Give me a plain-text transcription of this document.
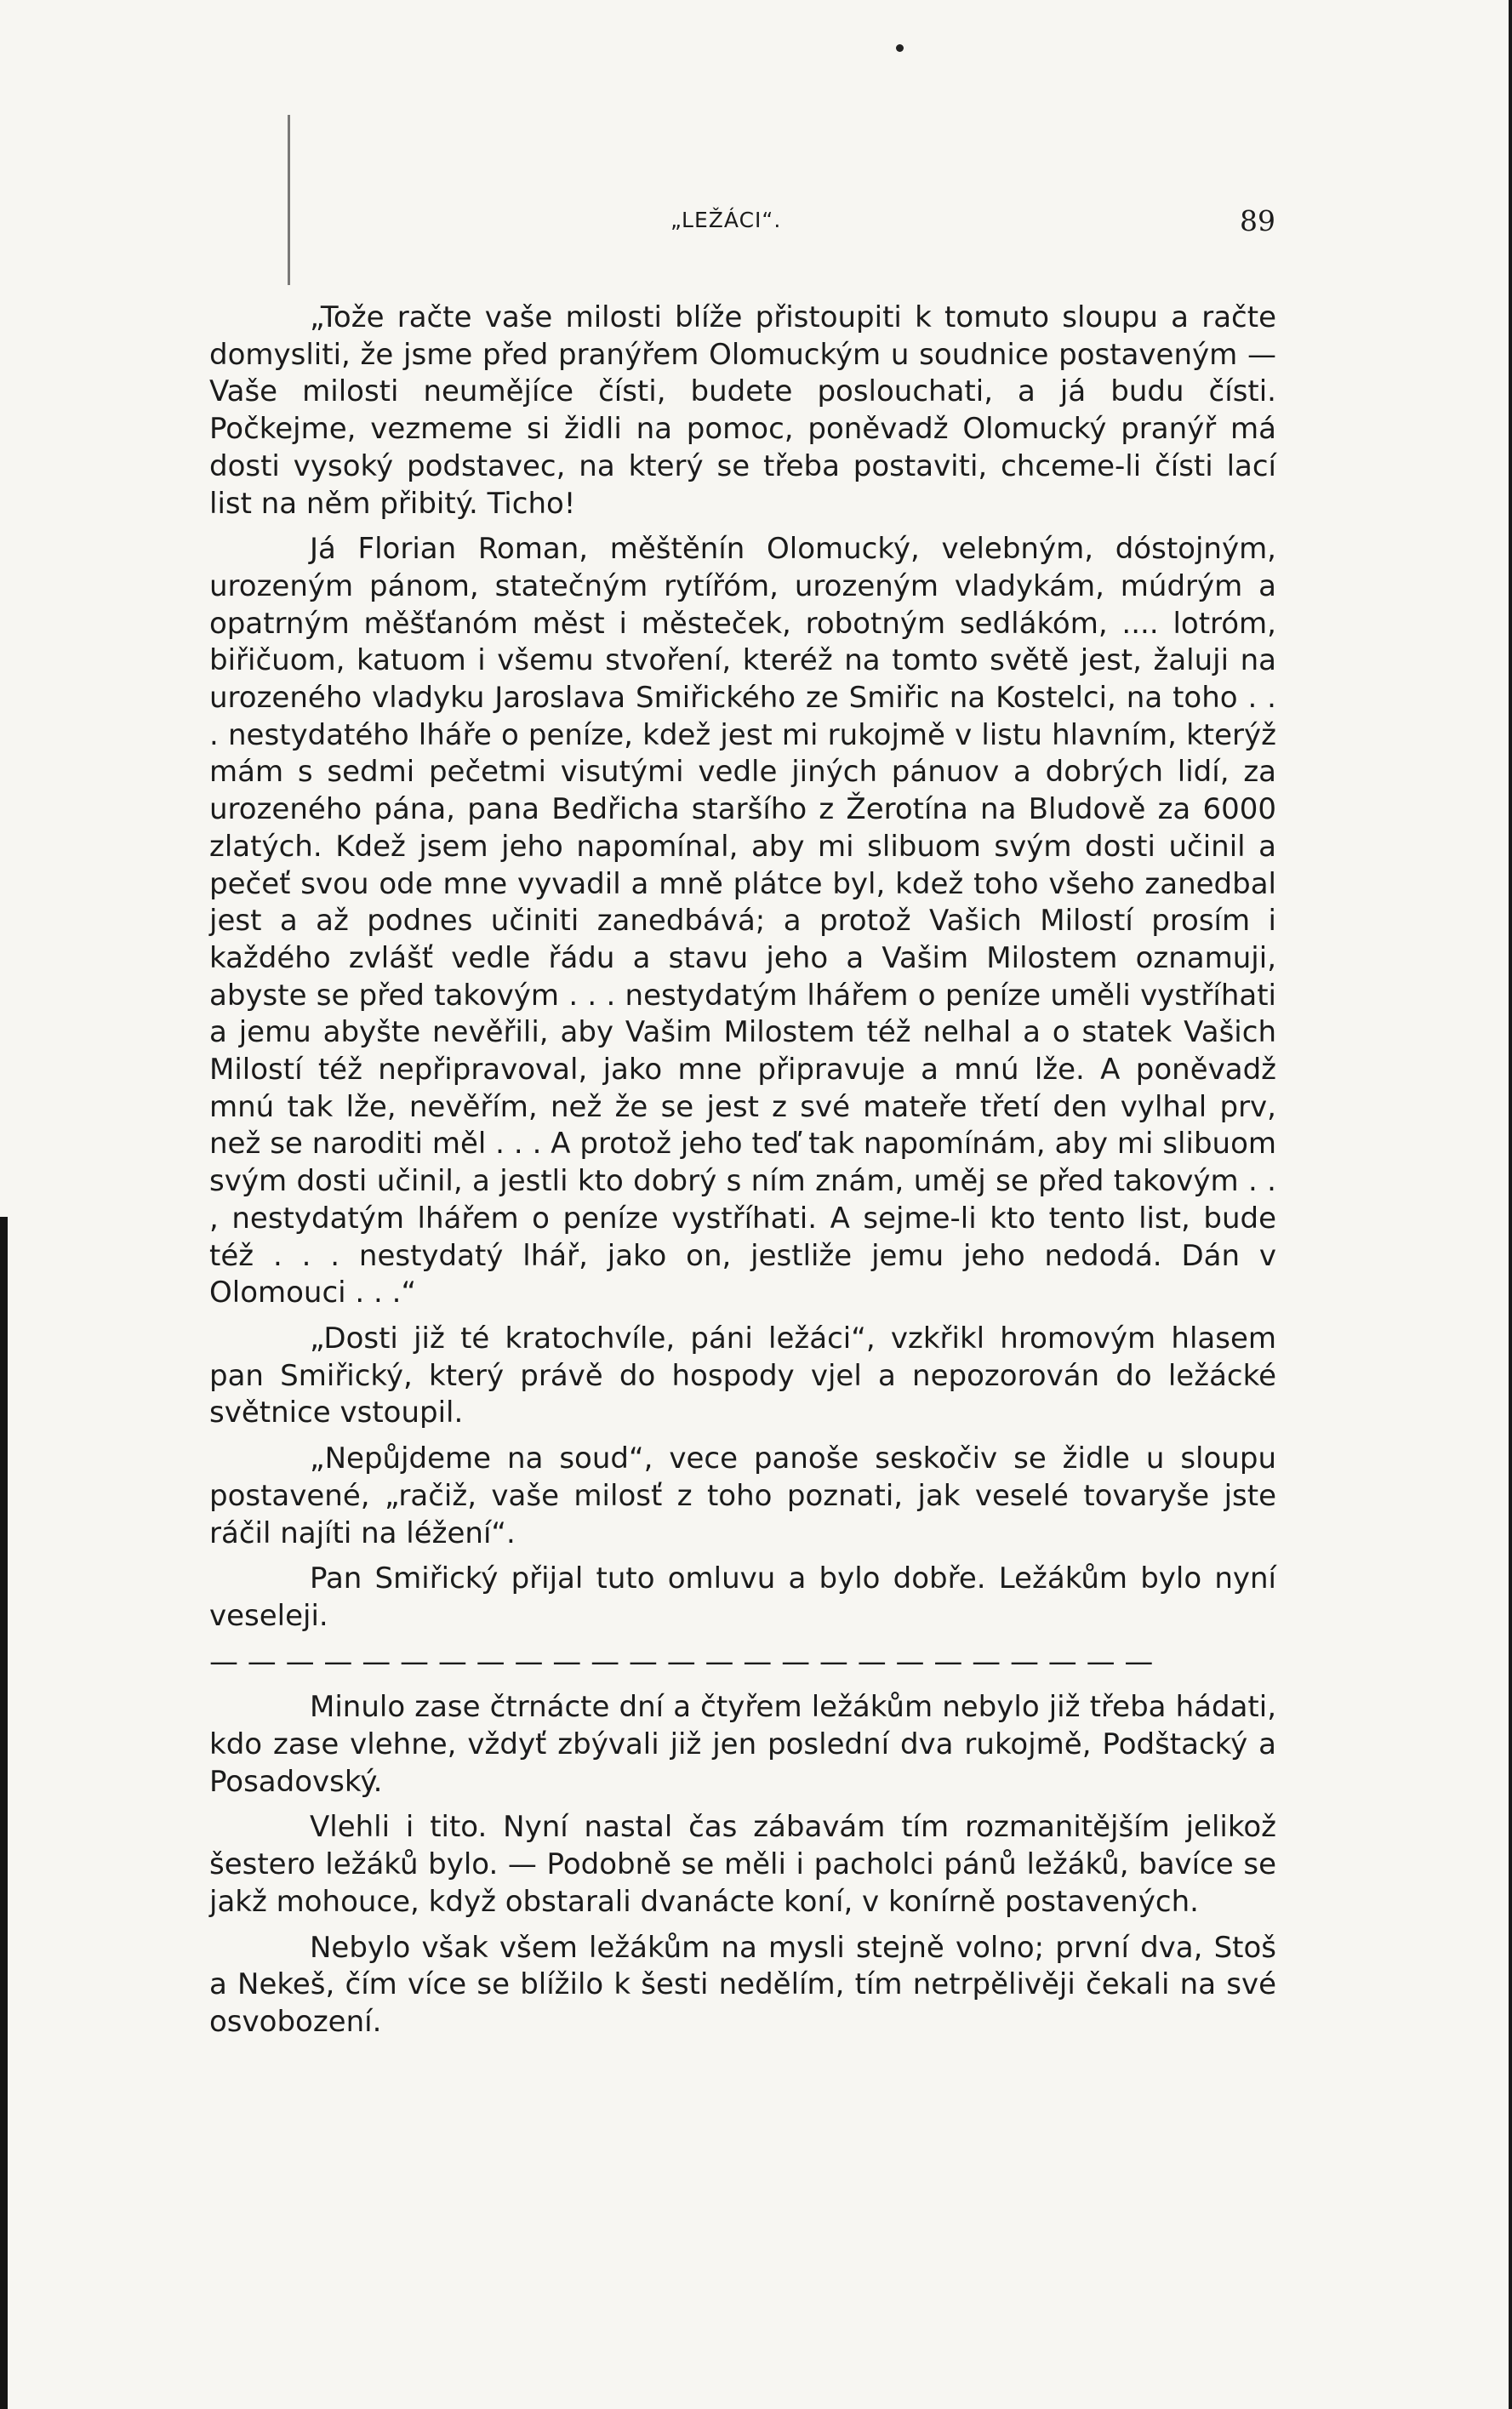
„LEŽÁCI“.	89

„Tože račte vaše milosti blíže přistoupiti k tomuto sloupu a račte domysliti, že jsme před pranýřem Olomuckým u soudnice postaveným — Vaše milosti neumějíce čísti, budete poslouchati, a já budu čísti. Počkejme, vezmeme si židli na pomoc, poněvadž Olomucký pranýř má dosti vysoký podstavec, na který se třeba postaviti, chceme-li čísti lací list na něm přibitý. Ticho!

Já Florian Roman, měštěnín Olomucký, velebným, dóstojným, urozeným pánom, statečným rytířóm, urozeným vladykám, múdrým a opatrným měšťanóm měst i městeček, robotným sedlákóm, .... lotróm, biřičuom, katuom i všemu stvoření, kteréž na tomto světě jest, žaluji na urozeného vladyku Jaroslava Smiřického ze Smiřic na Kostelci, na toho . . . nestydatého lháře o peníze, kdež jest mi rukojmě v listu hlavním, kterýž mám s sedmi pečetmi visutými vedle jiných pánuov a dobrých lidí, za urozeného pána, pana Bedřicha staršího z Žerotína na Bludově za 6000 zlatých. Kdež jsem jeho napomínal, aby mi slibuom svým dosti učinil a pečeť svou ode mne vyvadil a mně plátce byl, kdež toho všeho zanedbal jest a až podnes učiniti zanedbává; a protož Vašich Milostí prosím i každého zvlášť vedle řádu a stavu jeho a Vašim Milostem oznamuji, abyste se před takovým . . . nestydatým lhářem o peníze uměli vystříhati a jemu abyšte nevěřili, aby Vašim Milostem též nelhal a o statek Vašich Milostí též nepřipravoval, jako mne připravuje a mnú lže. A poněvadž mnú tak lže, nevěřím, než že se jest z své mateře třetí den vylhal prv, než se naroditi měl . . . A protož jeho teď tak napomínám, aby mi slibuom svým dosti učinil, a jestli kto dobrý s ním znám, uměj se před takovým . . , nestydatým lhářem o peníze vystříhati. A sejme-li kto tento list, bude též . . . nestydatý lhář, jako on, jestliže jemu jeho nedodá. Dán v Olomouci . . .“

„Dosti již té kratochvíle, páni ležáci“, vzkřikl hromovým hlasem pan Smiřický, který právě do hospody vjel a nepozorován do ležácké světnice vstoupil.

„Nepůjdeme na soud“, vece panoše seskočiv se židle u sloupu postavené, „račiž, vaše milosť z toho poznati, jak veselé tovaryše jste ráčil najíti na léžení“.

Pan Smiřický přijal tuto omluvu a bylo dobře. Ležákům bylo nyní veseleji.

— — — — — — — — — — — — — — — — — — — — — — — — —

Minulo zase čtrnácte dní a čtyřem ležákům nebylo již třeba hádati, kdo zase vlehne, vždyť zbývali již jen poslední dva rukojmě, Podštacký a Posadovský.

Vlehli i tito. Nyní nastal čas zábavám tím rozmanitějším jelikož šestero ležáků bylo. — Podobně se měli i pacholci pánů ležáků, bavíce se jakž mohouce, když obstarali dvanácte koní, v konírně postavených.

Nebylo však všem ležákům na mysli stejně volno; první dva, Stoš a Nekeš, čím více se blížilo k šesti nedělím, tím netrpělivěji čekali na své osvobození.
